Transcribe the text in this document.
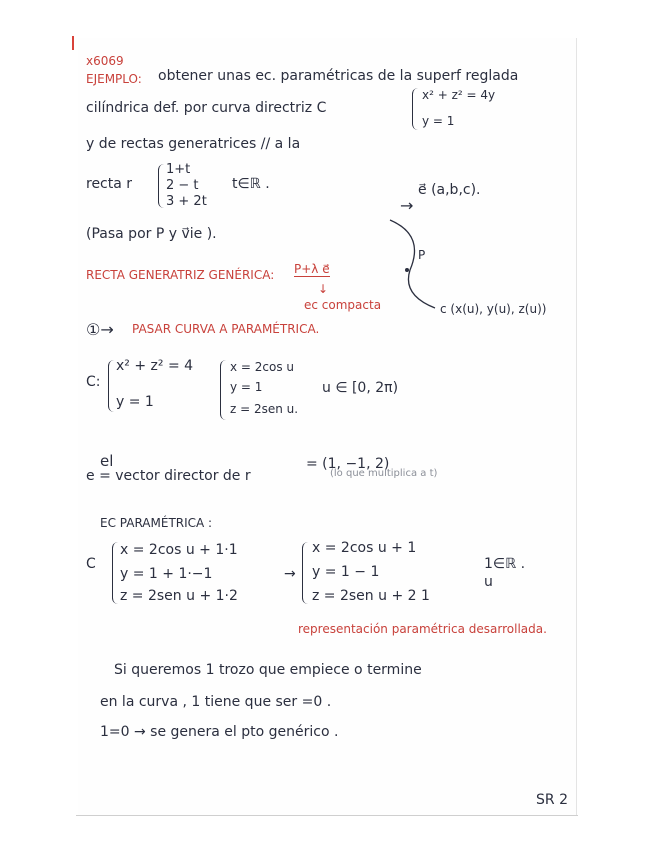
x6069
EJEMPLO: obtener unas ec. paramétricas de la superf reglada
cilíndrica def. por curva directriz C
x² + z² = 4y
y = 1
y de rectas generatrices // a la
recta r
1+t
2 − t
3 + 2t
t∈ℝ .	e⃗ (a,b,c).
→
(Pasa por P y v⃗ie ).
P
RECTA GENERATRIZ GENÉRICA: P+λ e⃗
↓
ec compacta	c (x(u), y(u), z(u))
①→ PASAR CURVA A PARAMÉTRICA.
C:
x² + z² = 4
y = 1
x = 2cos u
y = 1
z = 2sen u.
u ∈ [0, 2π)
el
e = vector director de r
= (1, −1, 2)
(lo que multiplica a t)
EC PARAMÉTRICA :
C
x = 2cos u + 1·1
y = 1 + 1·−1
z = 2sen u + 1·2
→
x = 2cos u + 1
y = 1 − 1
z = 2sen u + 2 1
1∈ℝ .
u
representación paramétrica desarrollada.
Si queremos 1 trozo que empiece o termine
en la curva , 1 tiene que ser =0 .
1=0 → se genera el pto genérico .
SR 2
